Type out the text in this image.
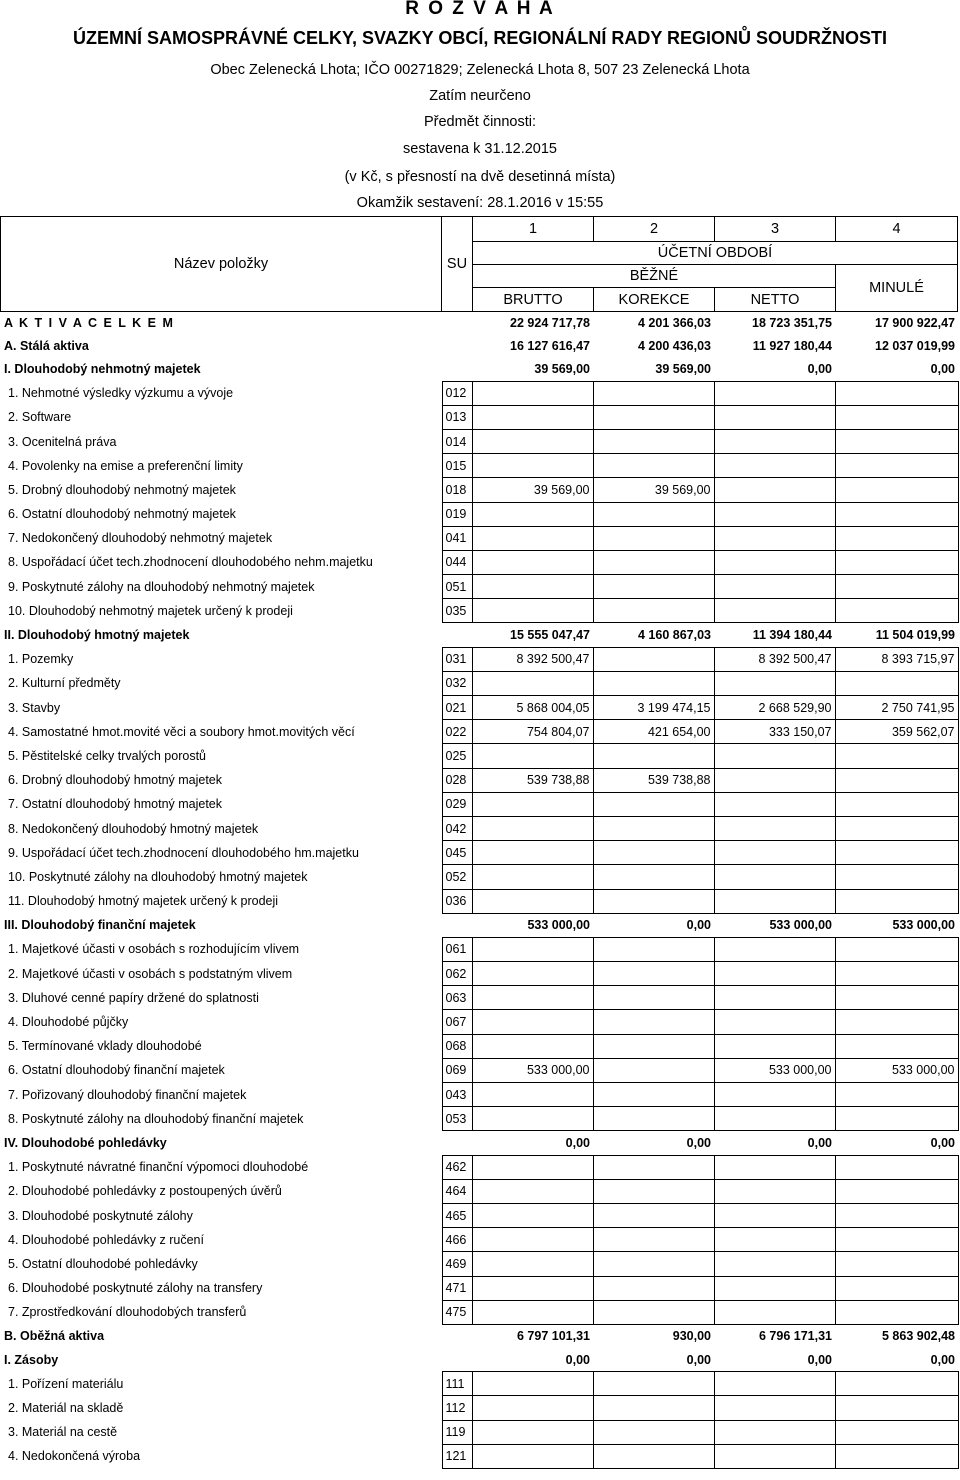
R O Z V A H A
ÚZEMNÍ SAMOSPRÁVNÉ CELKY, SVAZKY OBCÍ, REGIONÁLNÍ RADY REGIONŮ SOUDRŽNOSTI
Obec Zelenecká Lhota; IČO 00271829; Zelenecká Lhota 8, 507 23 Zelenecká Lhota
Zatím neurčeno
Předmět činnosti:
sestavena k 31.12.2015
(v Kč, s přesností na dvě desetinná místa)
Okamžik sestavení: 28.1.2016 v 15:55
Název položky	SU
1	2	3	4
ÚČETNÍ OBDOBÍ
BĚŽNÉ
MINULÉ
BRUTTO	KOREKCE	NETTO
A K T I V A C E L K E M		22 924 717,78	4 201 366,03	18 723 351,75	17 900 922,47
A. Stálá aktiva		16 127 616,47	4 200 436,03	11 927 180,44	12 037 019,99
I. Dlouhodobý nehmotný majetek		39 569,00	39 569,00	0,00	0,00
1. Nehmotné výsledky výzkumu a vývoje	012				
2. Software	013				
3. Ocenitelná práva	014				
4. Povolenky na emise a preferenční limity	015				
5. Drobný dlouhodobý nehmotný majetek	018	39 569,00	39 569,00		
6. Ostatní dlouhodobý nehmotný majetek	019				
7. Nedokončený dlouhodobý nehmotný majetek	041				
8. Uspořádací účet tech.zhodnocení dlouhodobého nehm.majetku	044				
9. Poskytnuté zálohy na dlouhodobý nehmotný majetek	051				
10. Dlouhodobý nehmotný majetek určený k prodeji	035				
II. Dlouhodobý hmotný majetek		15 555 047,47	4 160 867,03	11 394 180,44	11 504 019,99
1. Pozemky	031	8 392 500,47		8 392 500,47	8 393 715,97
2. Kulturní předměty	032				
3. Stavby	021	5 868 004,05	3 199 474,15	2 668 529,90	2 750 741,95
4. Samostatné hmot.movité věci a soubory hmot.movitých věcí	022	754 804,07	421 654,00	333 150,07	359 562,07
5. Pěstitelské celky trvalých porostů	025				
6. Drobný dlouhodobý hmotný majetek	028	539 738,88	539 738,88		
7. Ostatní dlouhodobý hmotný majetek	029				
8. Nedokončený dlouhodobý hmotný majetek	042				
9. Uspořádací účet tech.zhodnocení dlouhodobého hm.majetku	045				
10. Poskytnuté zálohy na dlouhodobý hmotný majetek	052				
11. Dlouhodobý hmotný majetek určený k prodeji	036				
III. Dlouhodobý finanční majetek		533 000,00	0,00	533 000,00	533 000,00
1. Majetkové účasti v osobách s rozhodujícím vlivem	061				
2. Majetkové účasti v osobách s podstatným vlivem	062				
3. Dluhové cenné papíry držené do splatnosti	063				
4. Dlouhodobé půjčky	067				
5. Termínované vklady dlouhodobé	068				
6. Ostatní dlouhodobý finanční majetek	069	533 000,00		533 000,00	533 000,00
7. Pořizovaný dlouhodobý finanční majetek	043				
8. Poskytnuté zálohy na dlouhodobý finanční majetek	053				
IV. Dlouhodobé pohledávky		0,00	0,00	0,00	0,00
1. Poskytnuté návratné finanční výpomoci dlouhodobé	462				
2. Dlouhodobé pohledávky z postoupených úvěrů	464				
3. Dlouhodobé poskytnuté zálohy	465				
4. Dlouhodobé pohledávky z ručení	466				
5. Ostatní dlouhodobé pohledávky	469				
6. Dlouhodobé poskytnuté zálohy na transfery	471				
7. Zprostředkování dlouhodobých transferů	475				
B. Oběžná aktiva		6 797 101,31	930,00	6 796 171,31	5 863 902,48
I. Zásoby		0,00	0,00	0,00	0,00
1. Pořízení materiálu	111				
2. Materiál na skladě	112				
3. Materiál na cestě	119				
4. Nedokončená výroba	121				
